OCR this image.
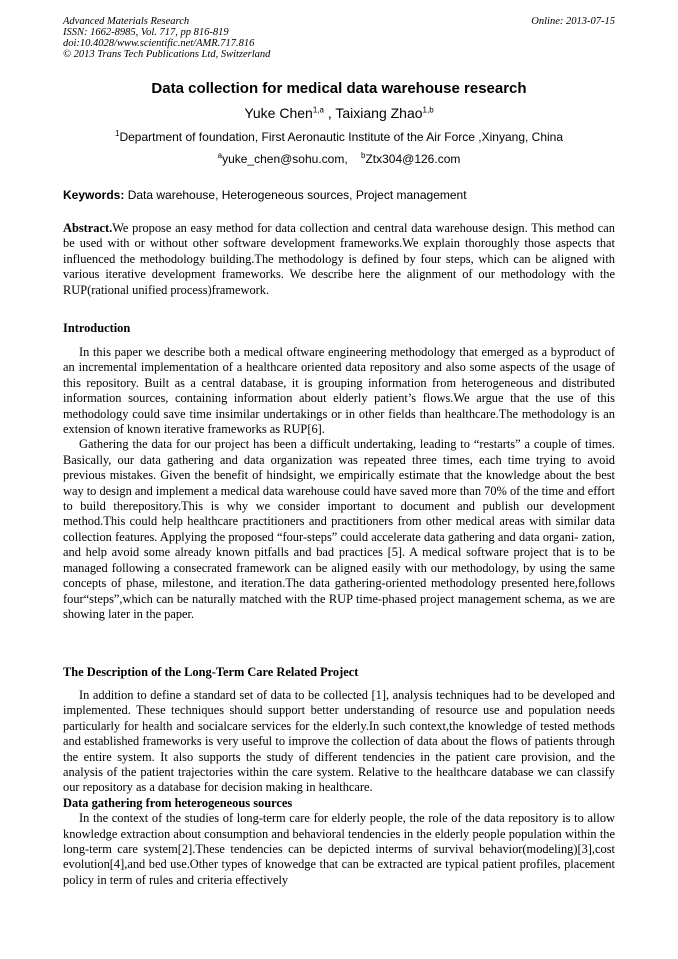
Advanced Materials Research
ISSN: 1662-8985, Vol. 717, pp 816-819
doi:10.4028/www.scientific.net/AMR.717.816
© 2013 Trans Tech Publications Ltd, Switzerland
Online: 2013-07-15
Data collection for medical data warehouse research
Yuke Chen$^{1,a}$ , Taixiang Zhao$^{1,b}$
$^1$Department of foundation, First Aeronautic Institute of the Air Force ,Xinyang, China
$^a$yuke_chen@sohu.com, $^b$Ztx304@126.com
Keywords: Data warehouse, Heterogeneous sources, Project management
Abstract.We propose an easy method for data collection and central data warehouse design. This method can be used with or without other software development frameworks.We explain thoroughly those aspects that influenced the methodology building.The methodology is defined by four steps, which can be aligned with various iterative development frameworks. We describe here the alignment of our methodology with the RUP(rational unified process)framework.
Introduction

In this paper we describe both a medical oftware engineering methodology that emerged as a byproduct of an incremental implementation of a healthcare oriented data repository and also some aspects of the usage of this repository. Built as a central database, it is grouping information from heterogeneous and distributed information sources, containing information about elderly patient’s flows.We argue that the use of this methodology could save time insimilar undertakings or in other fields than healthcare.The methodology is an extension of known iterative frameworks as RUP[6].

Gathering the data for our project has been a difficult undertaking, leading to “restarts” a couple of times. Basically, our data gathering and data organization was repeated three times, each time trying to avoid previous mistakes. Given the benefit of hindsight, we empirically estimate that the knowledge about the best way to design and implement a medical data warehouse could have saved more than 70% of the time and effort to build therepository.This is why we consider important to document and publish our development method.This could help healthcare practitioners and practitioners from other medical areas with similar data collection features. Applying the proposed “four-steps” could accelerate data gathering and data organi- zation, and help avoid some already known pitfalls and bad practices [5]. A medical software project that is to be managed following a consecrated framework can be aligned easily with our methodology, by using the same concepts of phase, milestone, and iteration.The data gathering-oriented methodology presented here,follows four“steps”,which can be naturally matched with the RUP time-phased project management schema, as we are showing later in the paper.

The Description of the Long-Term Care Related Project

In addition to define a standard set of data to be collected [1], analysis techniques had to be developed and implemented. These techniques should support better understanding of resource use and population needs particularly for health and socialcare services for the elderly.In such context,the knowledge of tested methods and established frameworks is very useful to improve the collection of data about the flows of patients through the entire system. It also supports the study of different tendencies in the patient care provision, and the analysis of the patient trajectories within the care system. Relative to the healthcare database we can classify our repository as a database for decision making in healthcare.

Data gathering from heterogeneous sources

In the context of the studies of long-term care for elderly people, the role of the data repository is to allow knowledge extraction about consumption and behavioral tendencies in the elderly people population within the long-term care system[2].These tendencies can be depicted interms of survival behavior(modeling)[3],cost evolution[4],and bed use.Other types of knowedge that can be extracted are typical patient profiles, placement policy in term of rules and criteria effectively
